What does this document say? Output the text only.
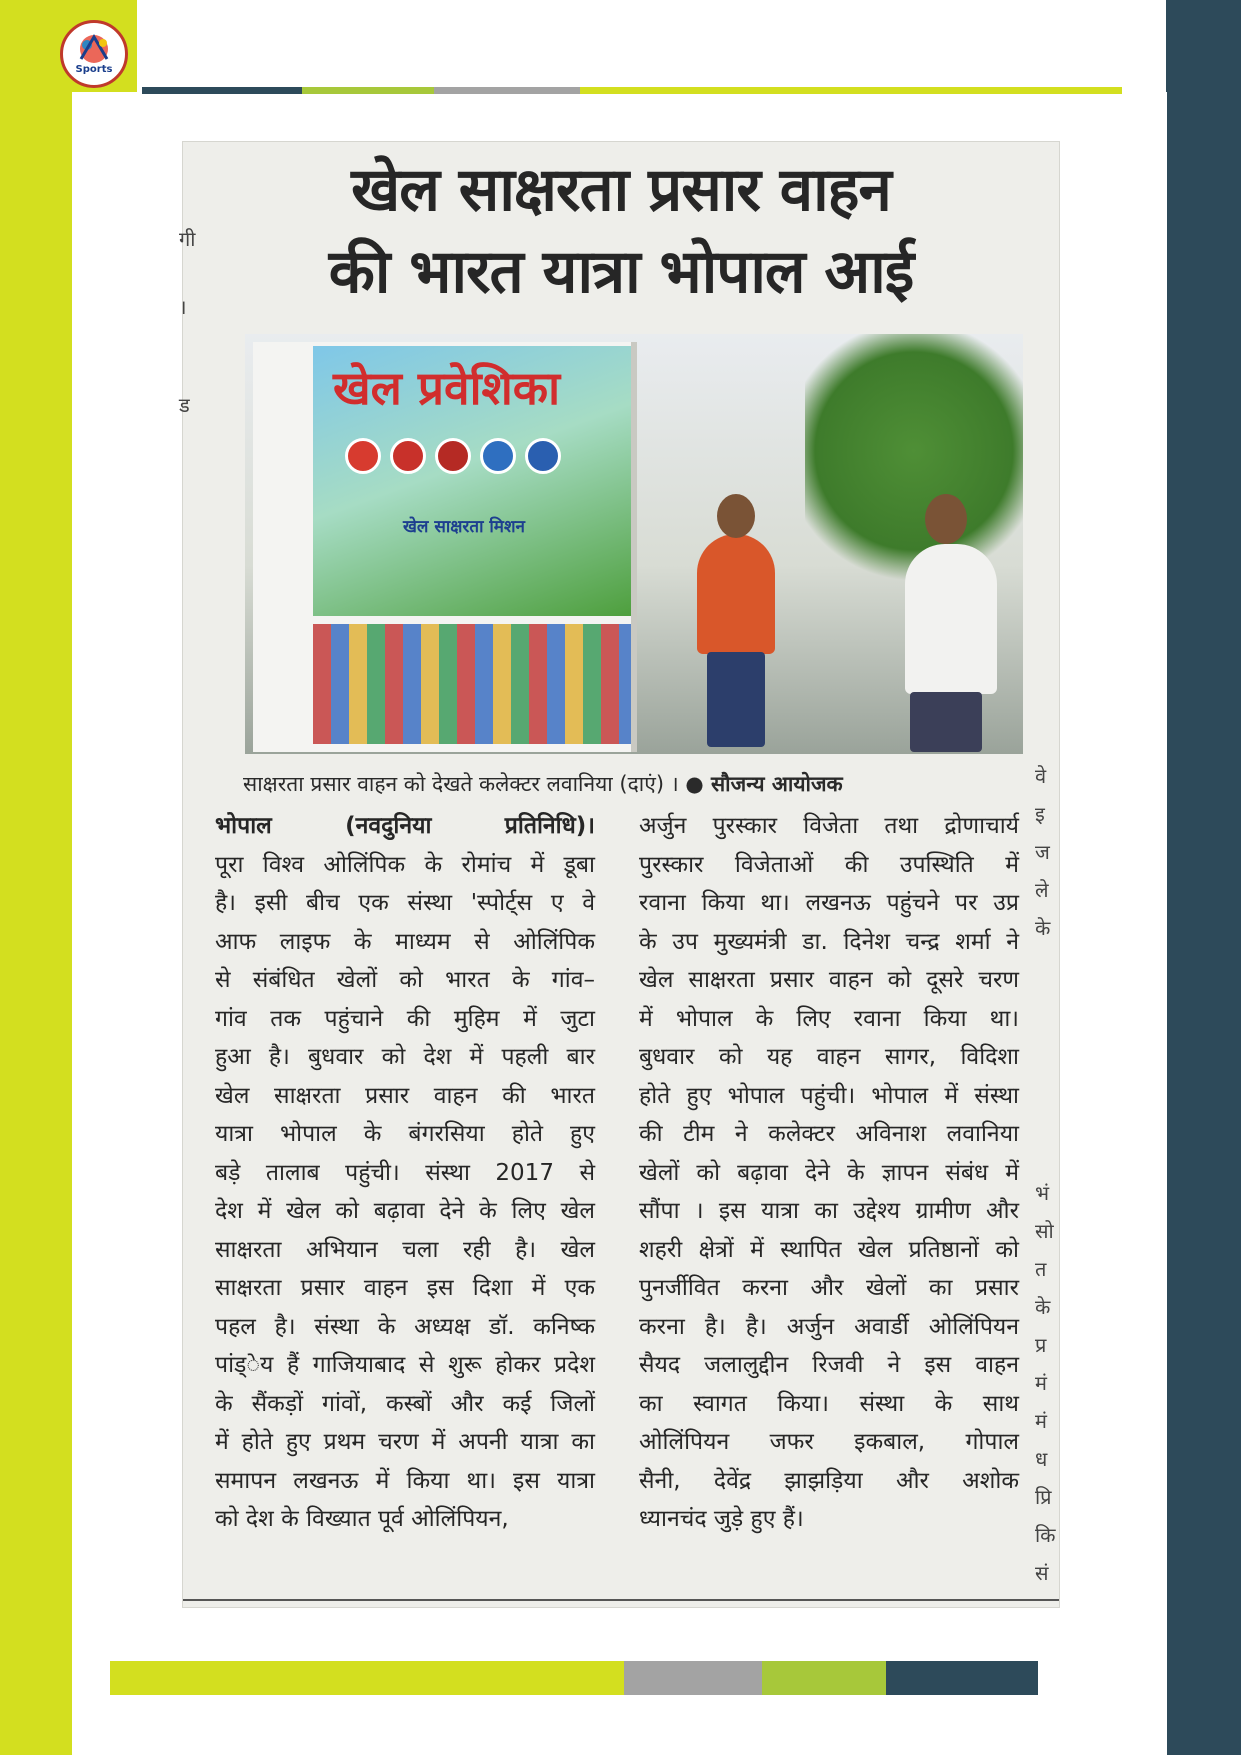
Sports
खेल साक्षरता प्रसार वाहन
की भारत यात्रा भोपाल आई
गी
।
ड	खेल प्रवेशिका

खेल साक्षरता मिशन
साक्षरता प्रसार वाहन को देखते कलेक्टर लवानिया (दाएं) । ● सौजन्य आयोजक
भोपाल (नवदुनिया प्रतिनिधि)।
पूरा विश्व ओलिंपिक के रोमांच में डूबा
है। इसी बीच एक संस्था 'स्पोर्ट्स ए वे
आफ लाइफ के माध्यम से ओलिंपिक
से संबंधित खेलों को भारत के गांव–
गांव तक पहुंचाने की मुहिम में जुटा
हुआ है। बुधवार को देश में पहली बार
खेल साक्षरता प्रसार वाहन की भारत
यात्रा भोपाल के बंगरसिया होते हुए
बड़े तालाब पहुंची। संस्था 2017 से
देश में खेल को बढ़ावा देने के लिए खेल
साक्षरता अभियान चला रही है। खेल
साक्षरता प्रसार वाहन इस दिशा में एक
पहल है। संस्था के अध्यक्ष डॉ. कनिष्क
पांड्ेय हैं गाजियाबाद से शुरू होकर प्रदेश
के सैंकड़ों गांवों, कस्बों और कई जिलों
में होते हुए प्रथम चरण में अपनी यात्रा का
समापन लखनऊ में किया था। इस यात्रा
को देश के विख्यात पूर्व ओलिंपियन,
अर्जुन पुरस्कार विजेता तथा द्रोणाचार्य
पुरस्कार विजेताओं की उपस्थिति में
रवाना किया था। लखनऊ पहुंचने पर उप्र
के उप मुख्यमंत्री डा. दिनेश चन्द्र शर्मा ने
खेल साक्षरता प्रसार वाहन को दूसरे चरण
में भोपाल के लिए रवाना किया था।
बुधवार को यह वाहन सागर, विदिशा
होते हुए भोपाल पहुंची। भोपाल में संस्था
की टीम ने कलेक्टर अविनाश लवानिया
खेलों को बढ़ावा देने के ज्ञापन संबंध में
सौंपा । इस यात्रा का उद्देश्य ग्रामीण और
शहरी क्षेत्रों में स्थापित खेल प्रतिष्ठानों को
पुनर्जीवित करना और खेलों का प्रसार
करना है। है। अर्जुन अवार्डी ओलिंपियन
सैयद जलालुद्दीन रिजवी ने इस वाहन
का स्वागत किया। संस्था के साथ
ओलिंपियन जफर इकबाल, गोपाल
सैनी, देवेंद्र झाझड़िया और अशोक
ध्यानचंद जुड़े हुए हैं।
वे
इ
ज
ले
के
भं
सो
त
के
प्र
मं
मं
ध
प्रि
कि
सं
